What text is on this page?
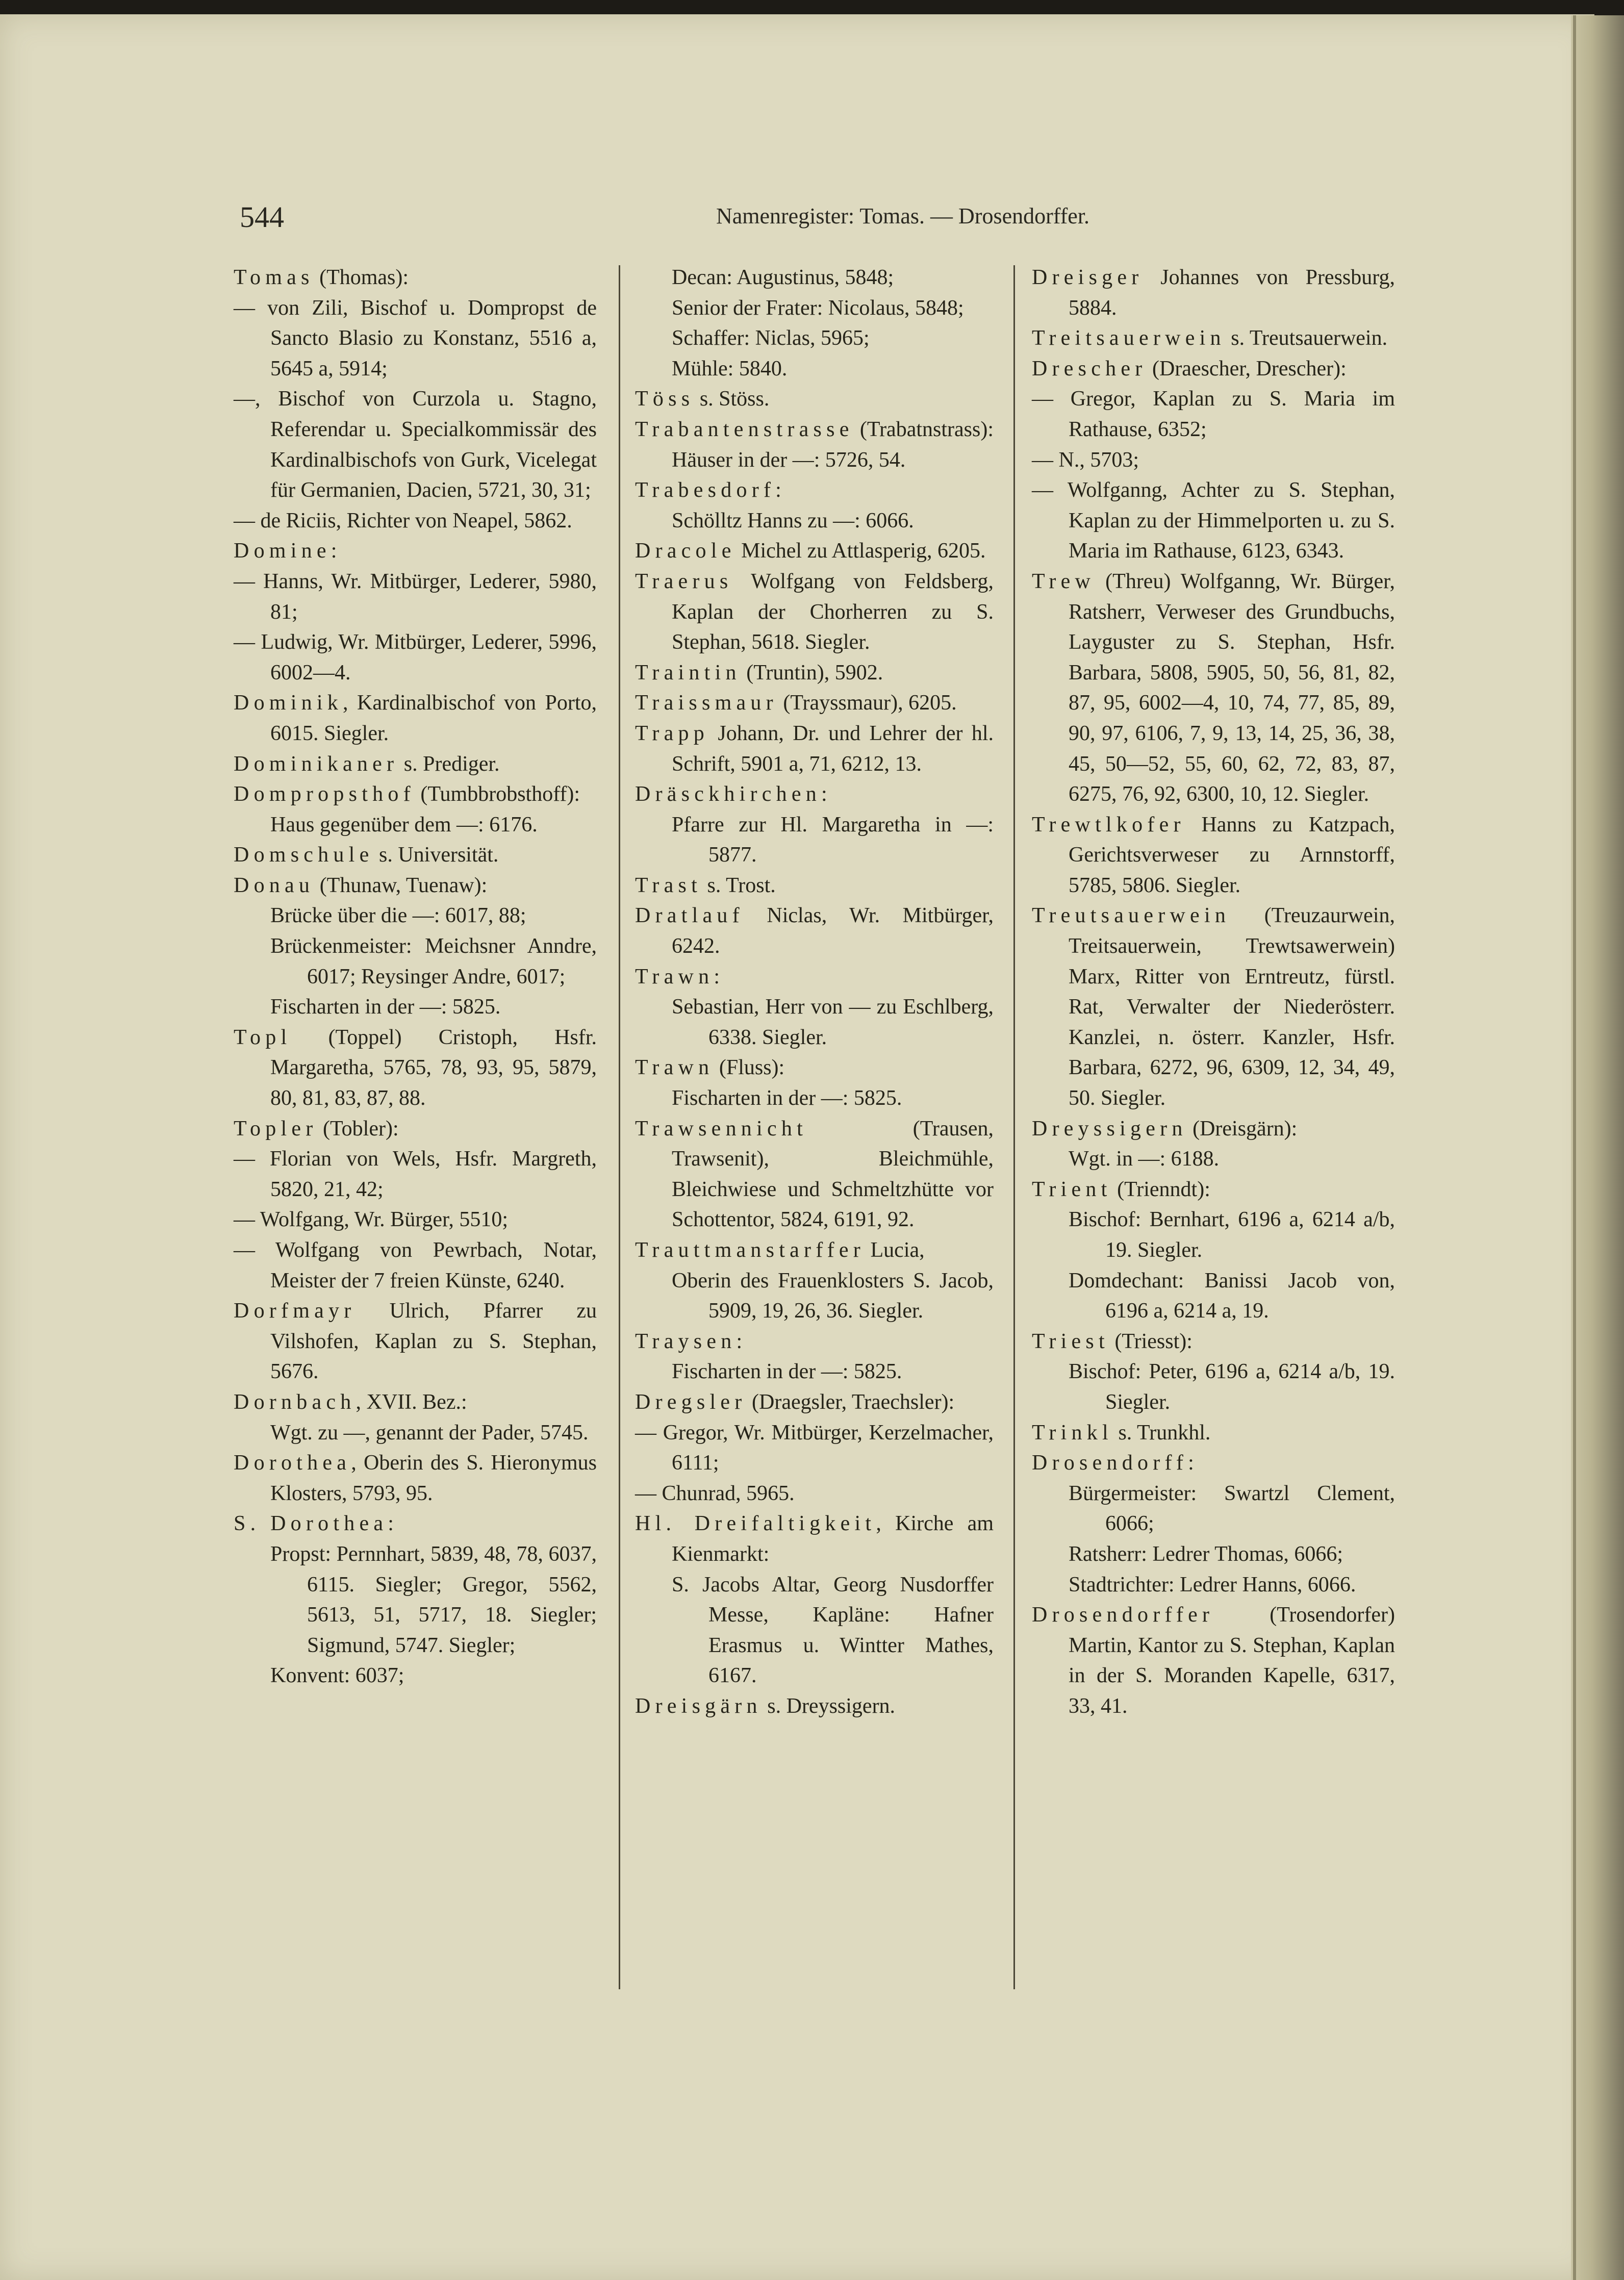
544	Namenregister: Tomas. — Drosendorffer.

Tomas (Thomas):

— von Zili, Bischof u. Dompropst de Sancto Blasio zu Konstanz, 5516 a, 5645 a, 5914;

—, Bischof von Curzola u. Stagno, Referendar u. Specialkommissär des Kardinalbischofs von Gurk, Vicelegat für Germanien, Dacien, 5721, 30, 31;

— de Riciis, Richter von Neapel, 5862.

Domine:

— Hanns, Wr. Mitbürger, Lederer, 5980, 81;

— Ludwig, Wr. Mitbürger, Lederer, 5996, 6002—4.

Dominik, Kardinalbischof von Porto, 6015. Siegler.

Dominikaner s. Prediger.

Dompropsthof (Tumbbrobsthoff):

Haus gegenüber dem —: 6176.

Domschule s. Universität.

Donau (Thunaw, Tuenaw):

Brücke über die —: 6017, 88;

Brückenmeister: Meichsner Anndre, 6017; Reysinger Andre, 6017;

Fischarten in der —: 5825.

Topl (Toppel) Cristoph, Hsfr. Margaretha, 5765, 78, 93, 95, 5879, 80, 81, 83, 87, 88.

Topler (Tobler):

— Florian von Wels, Hsfr. Margreth, 5820, 21, 42;

— Wolfgang, Wr. Bürger, 5510;

— Wolfgang von Pewrbach, Notar, Meister der 7 freien Künste, 6240.

Dorfmayr Ulrich, Pfarrer zu Vilshofen, Kaplan zu S. Stephan, 5676.

Dornbach, XVII. Bez.:

Wgt. zu —, genannt der Pader, 5745.

Dorothea, Oberin des S. Hieronymus Klosters, 5793, 95.

S. Dorothea:

Propst: Pernnhart, 5839, 48, 78, 6037, 6115. Siegler; Gregor, 5562, 5613, 51, 5717, 18. Siegler; Sigmund, 5747. Siegler;

Konvent: 6037;

Decan: Augustinus, 5848;

Senior der Frater: Nicolaus, 5848;

Schaffer: Niclas, 5965;

Mühle: 5840.

Töss s. Stöss.

Trabantenstrasse (Trabatnstrass): Häuser in der —: 5726, 54.

Trabesdorf:

Schölltz Hanns zu —: 6066.

Dracole Michel zu Attlasperig, 6205.

Traerus Wolfgang von Feldsberg, Kaplan der Chorherren zu S. Stephan, 5618. Siegler.

Traintin (Truntin), 5902.

Traissmaur (Trayssmaur), 6205.

Trapp Johann, Dr. und Lehrer der hl. Schrift, 5901 a, 71, 6212, 13.

Dräsckhirchen:

Pfarre zur Hl. Margaretha in —: 5877.

Trast s. Trost.

Dratlauf Niclas, Wr. Mitbürger, 6242.

Trawn:

Sebastian, Herr von — zu Eschlberg, 6338. Siegler.

Trawn (Fluss):

Fischarten in der —: 5825.

Trawsennicht (Trausen, Trawsenit), Bleichmühle, Bleichwiese und Schmeltzhütte vor Schottentor, 5824, 6191, 92.

Trauttmanstarffer Lucia,

Oberin des Frauenklosters S. Jacob, 5909, 19, 26, 36. Siegler.

Traysen:

Fischarten in der —: 5825.

Dregsler (Draegsler, Traechsler):

— Gregor, Wr. Mitbürger, Kerzelmacher, 6111;

— Chunrad, 5965.

Hl. Dreifaltigkeit, Kirche am Kienmarkt:

S. Jacobs Altar, Georg Nusdorffer Messe, Kapläne: Hafner Erasmus u. Wintter Mathes, 6167.

Dreisgärn s. Dreyssigern.

Dreisger Johannes von Pressburg, 5884.

Treitsauerwein s. Treutsauerwein.

Drescher (Draescher, Drescher):

— Gregor, Kaplan zu S. Maria im Rathause, 6352;

— N., 5703;

— Wolfganng, Achter zu S. Stephan, Kaplan zu der Himmelporten u. zu S. Maria im Rathause, 6123, 6343.

Trew (Threu) Wolfganng, Wr. Bürger, Ratsherr, Verweser des Grundbuchs, Layguster zu S. Stephan, Hsfr. Barbara, 5808, 5905, 50, 56, 81, 82, 87, 95, 6002—4, 10, 74, 77, 85, 89, 90, 97, 6106, 7, 9, 13, 14, 25, 36, 38, 45, 50—52, 55, 60, 62, 72, 83, 87, 6275, 76, 92, 6300, 10, 12. Siegler.

Trewtlkofer Hanns zu Katzpach, Gerichtsverweser zu Arnnstorff, 5785, 5806. Siegler.

Treutsauerwein (Treuzaurwein, Treitsauerwein, Trewtsawerwein) Marx, Ritter von Erntreutz, fürstl. Rat, Verwalter der Niederösterr. Kanzlei, n. österr. Kanzler, Hsfr. Barbara, 6272, 96, 6309, 12, 34, 49, 50. Siegler.

Dreyssigern (Dreisgärn):

Wgt. in —: 6188.

Trient (Trienndt):

Bischof: Bernhart, 6196 a, 6214 a/b, 19. Siegler.

Domdechant: Banissi Jacob von, 6196 a, 6214 a, 19.

Triest (Triesst):

Bischof: Peter, 6196 a, 6214 a/b, 19. Siegler.

Trinkl s. Trunkhl.

Drosendorff:

Bürgermeister: Swartzl Clement, 6066;

Ratsherr: Ledrer Thomas, 6066;

Stadtrichter: Ledrer Hanns, 6066.

Drosendorffer (Trosendorfer) Martin, Kantor zu S. Stephan, Kaplan in der S. Moranden Kapelle, 6317, 33, 41.
